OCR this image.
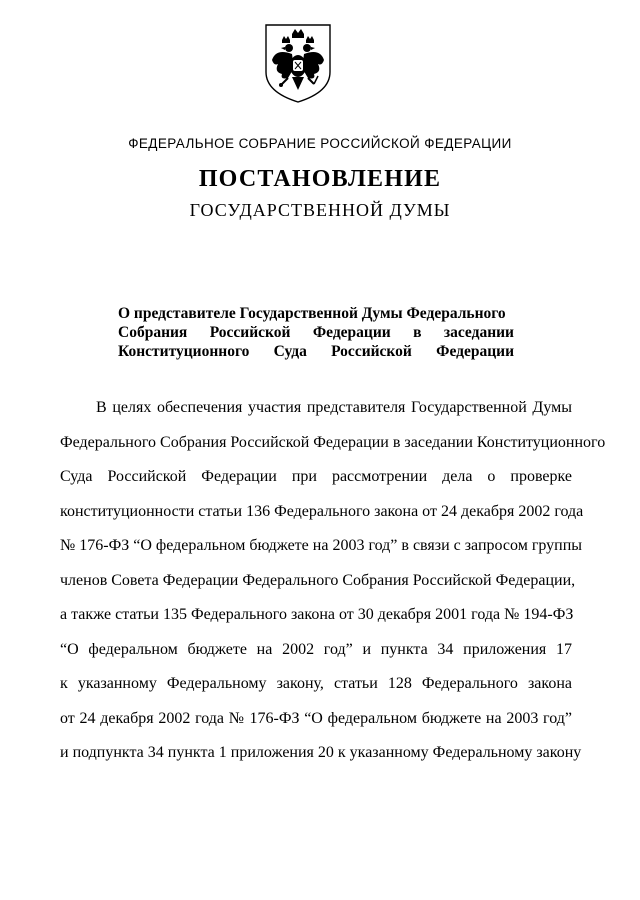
ФЕДЕРАЛЬНОЕ СОБРАНИЕ РОССИЙСКОЙ ФЕДЕРАЦИИ
ПОСТАНОВЛЕНИЕ
ГОСУДАРСТВЕННОЙ ДУМЫ
О представителе Государственной Думы Федерального
Собрания Российской Федерации в заседании
Конституционного Суда Российской Федерации
В целях обеспечения участия представителя Государственной Думы
Федерального Собрания Российской Федерации в заседании Конституционного
Суда Российской Федерации при рассмотрении дела о проверке
конституционности статьи 136 Федерального закона от 24 декабря 2002 года
№ 176-ФЗ “О федеральном бюджете на 2003 год” в связи с запросом группы
членов Совета Федерации Федерального Собрания Российской Федерации,
а также статьи 135 Федерального закона от 30 декабря 2001 года № 194-ФЗ
“О федеральном бюджете на 2002 год” и пункта 34 приложения 17
к указанному Федеральному закону, статьи 128 Федерального закона
от 24 декабря 2002 года № 176-ФЗ “О федеральном бюджете на 2003 год”
и подпункта 34 пункта 1 приложения 20 к указанному Федеральному закону
